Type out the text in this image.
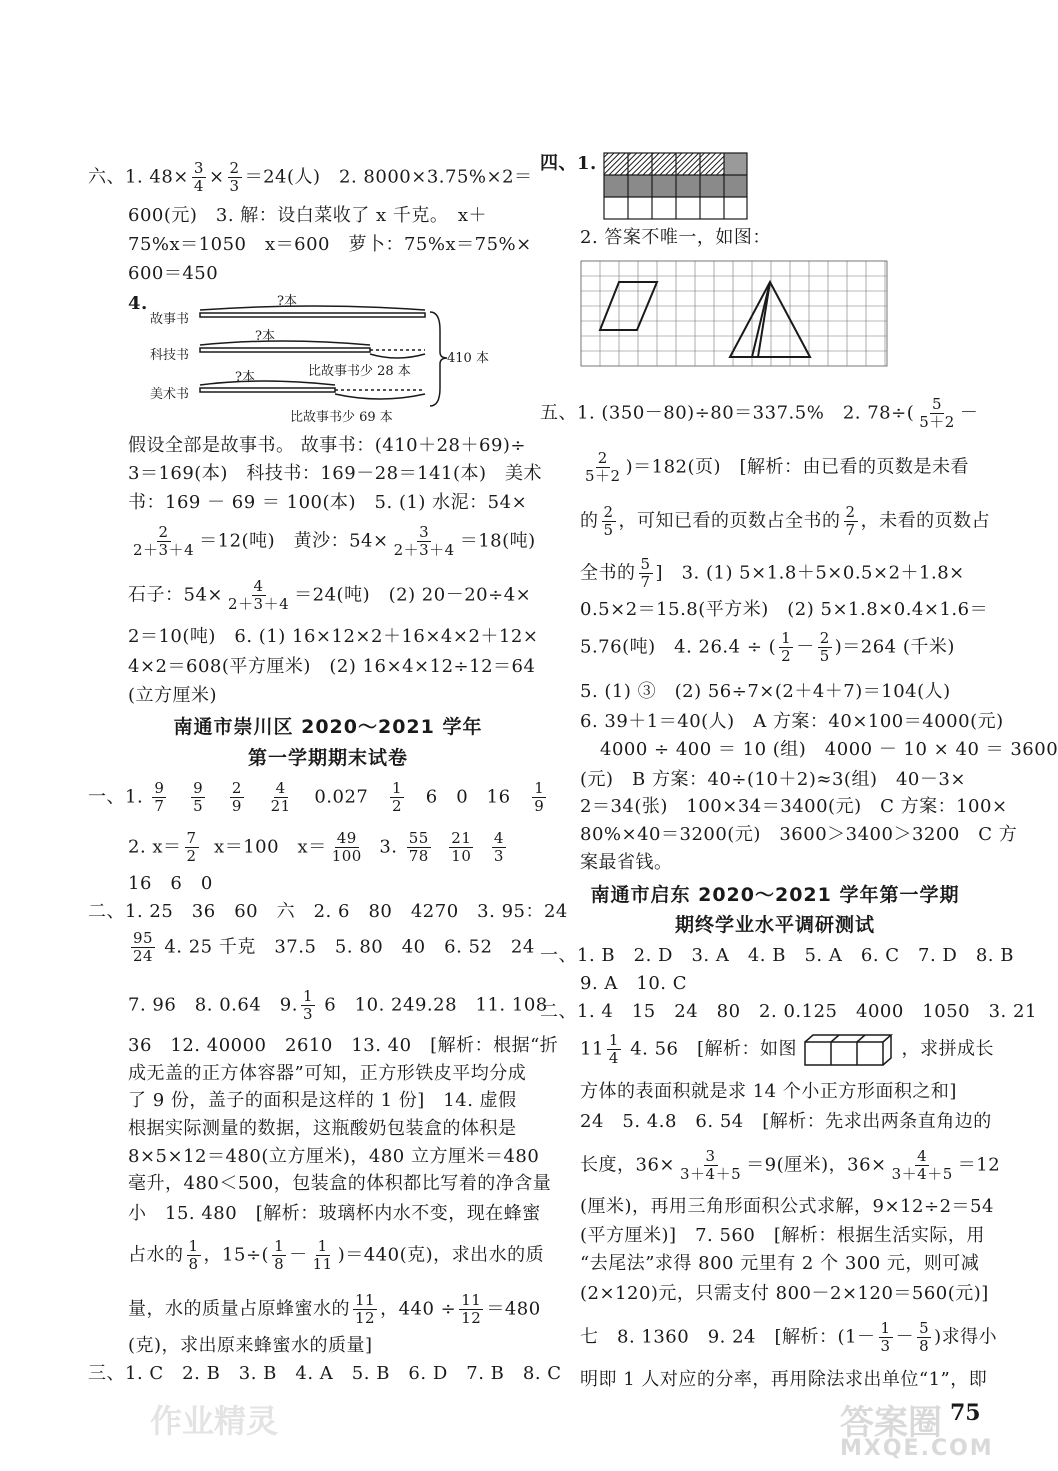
六、1. $48\times \frac{3}{4} \times \frac{2}{3} =24$(人)　2. 8000×3.75%×2＝
600(元)　3. 解：设白菜收了 x 千克。　x＋
75%x＝1050　x＝600　萝卜：75%x＝75%×
600＝450
4.
故事书
科技书
美术书
?本
?本
?本	比故事书少 28 本
比故事书少 69 本
410 本
假设全部是故事书。 故事书：(410＋28＋69)÷
3＝169(本)　科技书：169－28＝141(本)　美术
书：169 － 69 ＝ 100(本)　5. (1) 水泥：54×
$\frac{2}{2+3+4} =12$(吨)　黄沙：$54\times \frac{3}{2+3+4} =18$(吨)
石子：$54\times \frac{4}{2+3+4} =24$(吨)　(2) 20－20÷4×
2＝10(吨)　6. (1) 16×12×2＋16×4×2＋12×
4×2＝608(平方厘米)　(2) 16×4×12÷12＝64
(立方厘米)
南通市崇川区 2020～2021 学年
第一学期期末试卷
一、1. $\frac{9}{7}$
$\frac{9}{5}$
$\frac{2}{9}$
$\frac{4}{21} 0.027 \frac{1}{2} 6$　0　$16 \frac{1}{9}$
2. $x= \frac{7}{2} x=100$　$x= \frac{49}{100} 3$. $\frac{55}{78}$
$\frac{21}{10}$
$\frac{4}{3}$
16　6　0
二、1. 25　36　60　六　2. 6　80　4270　3. 95：24
$\frac{95}{24} 4$. 25 千克　37.5　5. 80　40　6. 52　24
7. 96　8. 0.64　9. $\frac{1}{3} 6$　10. 249.28　11. 108
36　12. 40000　2610　13. 40　[解析：根据“折
成无盖的正方体容器”可知，正方形铁皮平均分成
了 9 份，盖子的面积是这样的 1 份]　14. 虚假
根据实际测量的数据，这瓶酸奶包装盒的体积是
8×5×12＝480(立方厘米)，480 立方厘米＝480
毫升，480＜500，包装盒的体积都比写着的净含量
小　15. 480　[解析：玻璃杯内水不变，现在蜂蜜
占水的 $\frac{1}{8}$ ，$15\div( \frac{1}{8} - \frac{1}{11} )=440$(克)，求出水的质
量，水的质量占原蜂蜜水的 $\frac{11}{12}$ ，$440 \div \frac{11}{12} =480$
(克)，求出原来蜂蜜水的质量]
三、1. C　2. B　3. B　4. A　5. B　6. D　7. B　8. C
四、1.
2. 答案不唯一，如图：
五、1. (350－80)÷80＝337.5%　2. $78\div( \frac{5}{5+2}$ －
$\frac{2}{5+2} )=182$(页)　[解析：由已看的页数是未看
的 $\frac{2}{5}$ ，可知已看的页数占全书的 $\frac{2}{7}$ ，未看的页数占
全书的 $\frac{5}{7}$ ]　3. (1) 5×1.8＋5×0.5×2＋1.8×
0.5×2＝15.8(平方米)　(2) 5×1.8×0.4×1.6＝
5.76(吨)　4. 26.4 ÷ ( $\frac{1}{2} - \frac{2}{5} )=264$ (千米)
5. (1) ③　(2) 56÷7×(2＋4＋7)＝104(人)
6. 39＋1＝40(人)　A 方案：40×100＝4000(元)
4000 ÷ 400 ＝ 10 (组)　4000 － 10 × 40 ＝ 3600
(元)　B 方案：40÷(10＋2)≈3(组)　40－3×
2＝34(张)　100×34＝3400(元)　C 方案：100×
80%×40＝3200(元)　3600＞3400＞3200　C 方
案最省钱。
南通市启东 2020～2021 学年第一学期
期终学业水平调研测试
一、1. B　2. D　3. A　4. B　5. A　6. C　7. D　8. B
9. A　10. C
二、1. 4　15　24　80　2. 0.125　4000　1050　3. 21
$11 \frac{1}{4} 4$. 56　[解析：如图	，求拼成长
方体的表面积就是求 14 个小正方形面积之和]
24　5. 4.8　6. 54　[解析：先求出两条直角边的
长度，$36\times \frac{3}{3+4+5} =9$(厘米)，$36\times \frac{4}{3+4+5} =12$
(厘米)，再用三角形面积公式求解，9×12÷2＝54
(平方厘米)]　7. 560　[解析：根据生活实际，用
“去尾法”求得 800 元里有 2 个 300 元，则可减
(2×120)元，只需支付 800－2×120＝560(元)]
七　8. 1360　9. 24　[解析：($1- \frac{1}{3} - \frac{5}{8}$ )求得小
明即 1 人对应的分率，再用除法求出单位“1”，即
75
答案圈
MXQE.COM
作业精灵
